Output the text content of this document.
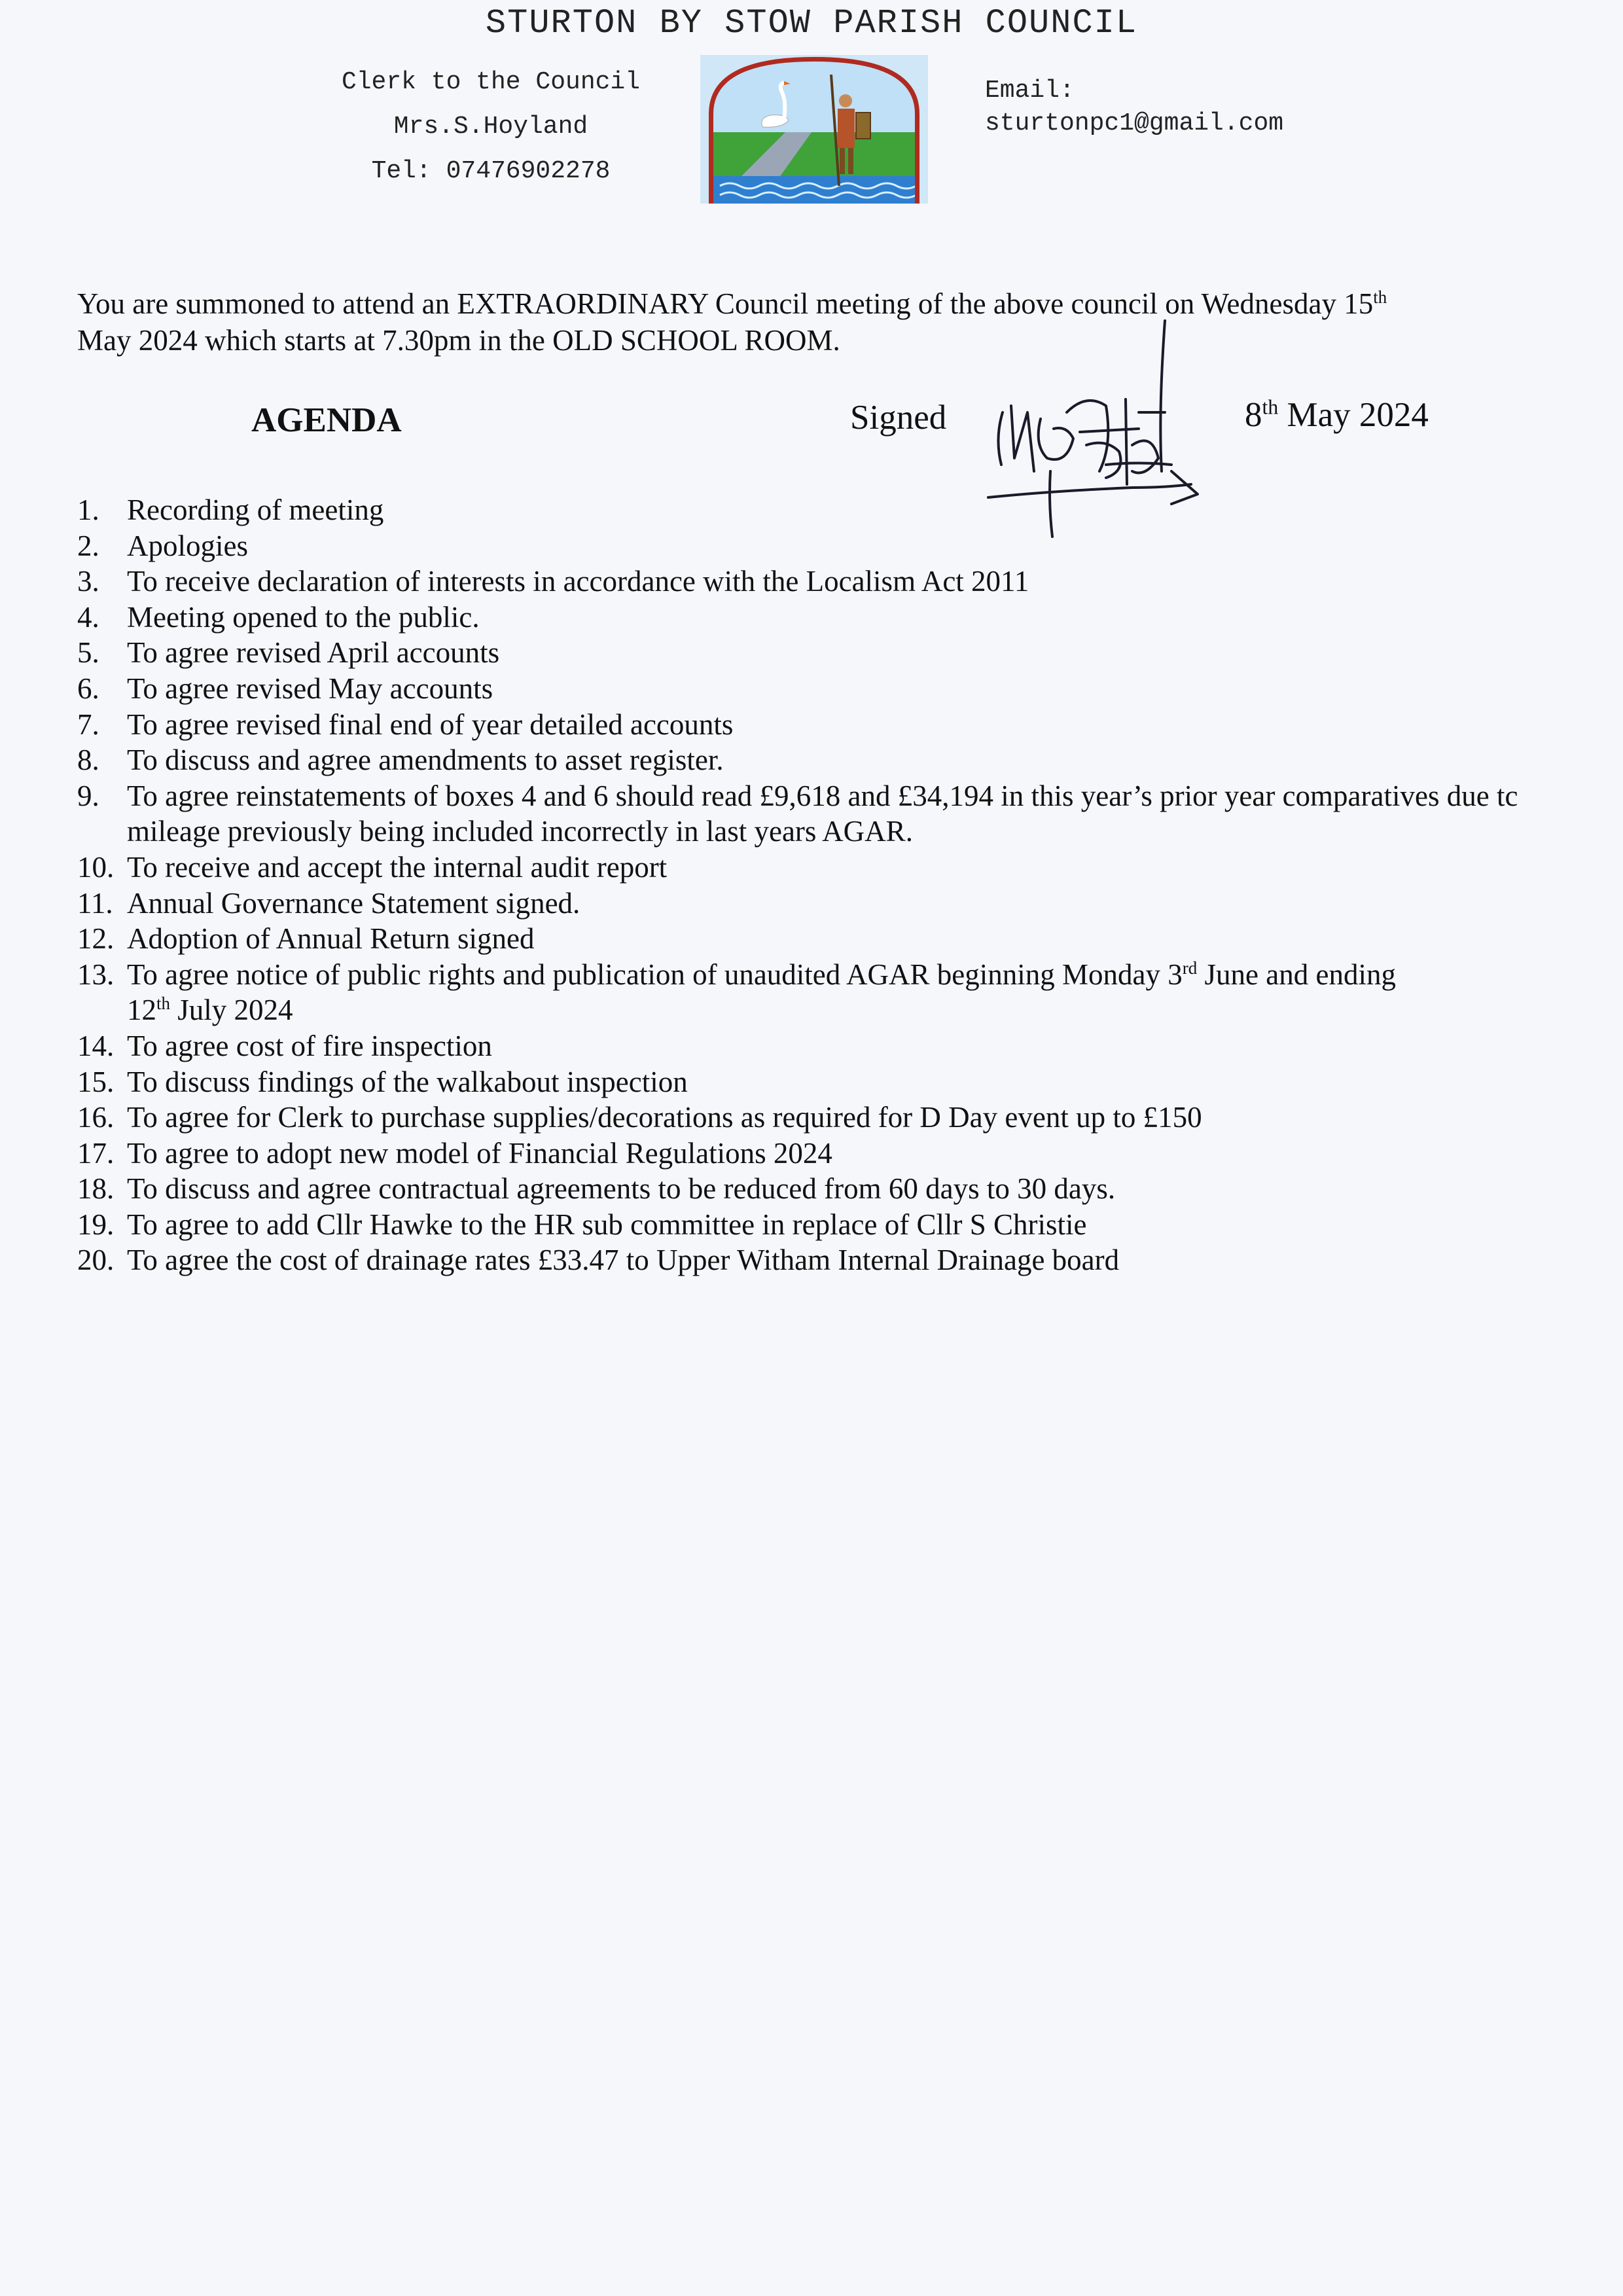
STURTON BY STOW PARISH COUNCIL
Clerk to the Council
Mrs.S.Hoyland
Tel: 07476902278
Email:
sturtonpc1@gmail.com
You are summoned to attend an EXTRAORDINARY Council meeting of the above council on Wednesday 15th
May 2024 which starts at 7.30pm in the OLD SCHOOL ROOM.
AGENDA	Signed	8th May 2024
1. Recording of meeting
2. Apologies
3. To receive declaration of interests in accordance with the Localism Act 2011
4. Meeting opened to the public.
5. To agree revised April accounts
6. To agree revised May accounts
7. To agree revised final end of year detailed accounts
8. To discuss and agree amendments to asset register.
9. To agree reinstatements of boxes 4 and 6 should read £9,618 and £34,194 in this year’s prior year comparatives due tc
mileage previously being included incorrectly in last years AGAR.
10. To receive and accept the internal audit report
11. Annual Governance Statement signed.
12. Adoption of Annual Return signed
13. To agree notice of public rights and publication of unaudited AGAR beginning Monday 3rd June and ending
12th July 2024
14. To agree cost of fire inspection
15. To discuss findings of the walkabout inspection
16. To agree for Clerk to purchase supplies/decorations as required for D Day event up to £150
17. To agree to adopt new model of Financial Regulations 2024
18. To discuss and agree contractual agreements to be reduced from 60 days to 30 days.
19. To agree to add Cllr Hawke to the HR sub committee in replace of Cllr S Christie
20. To agree the cost of drainage rates £33.47 to Upper Witham Internal Drainage board
